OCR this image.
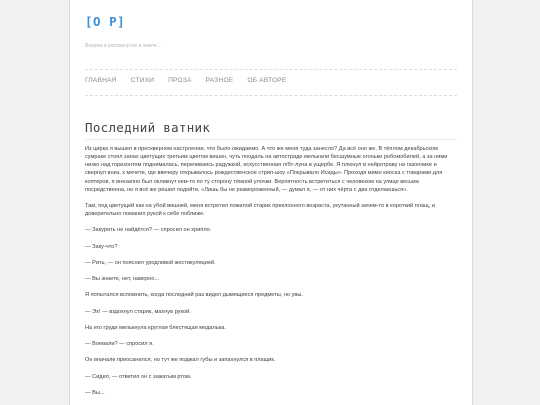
[О Р]
Вихрем в распахнутое в земле...
ГЛАВНАЯ СТИХИ ПРОЗА РАЗНОЕ ОБ АВТОРЕ
Последний ватник

Из цирка я вышел в прескверном настроении, что было ожидаемо. А что же меня туда занесло? Да всё оно же. В тёплом декабрьском сумраке стоял запах цветущих третьим цветом вишен, чуть поодаль на автостраде мелькали бесшумные огоньки робомобилей, а за ними низко над горизонтом поднималась, переливаясь радужкой, искусственная л/бт-луна в ущербе. Я плюнул в нейротраву на газончике и свернул вниз, к мечети, где ввечеру открывалось рождественское стрип-шоу «Покрывало Исиды». Проходя мимо киоска с товарами для коптеров, я внезапно был окликнут кем-то по ту сторону тёмной улочки. Вероятность встретиться с человеком на улице весьма посредственна, но я всё же решил подойти. «Лишь бы не размороженный, — думал я, — от них чёрта с два отделаешься».

Там, под цветущей как на убой вишней, меня встретил пожилой старик преклонного возраста, укутанный зачем-то в короткий плащ, и доверительно поманил рукой к себе поближе.

— Закурить не найдётся? — спросил он хрипло.

— Заку-что?

— Рить, — он пояснил уродливой жестикуляцией.

— Вы знаете, нет, наверно...

Я попытался вспомнить, когда последний раз видел дымящиеся предметы, но увы.

— Эх! — вздохнул старик, махнув рукой.

На его груди мелькнула круглая блестящая медалька.

— Воевали? — спросил я.

Он вначале приосанился, но тут же поджал губы и запахнулся в плащик.

— Сидел, — ответил он с зажатым ртом.

— Вы...
